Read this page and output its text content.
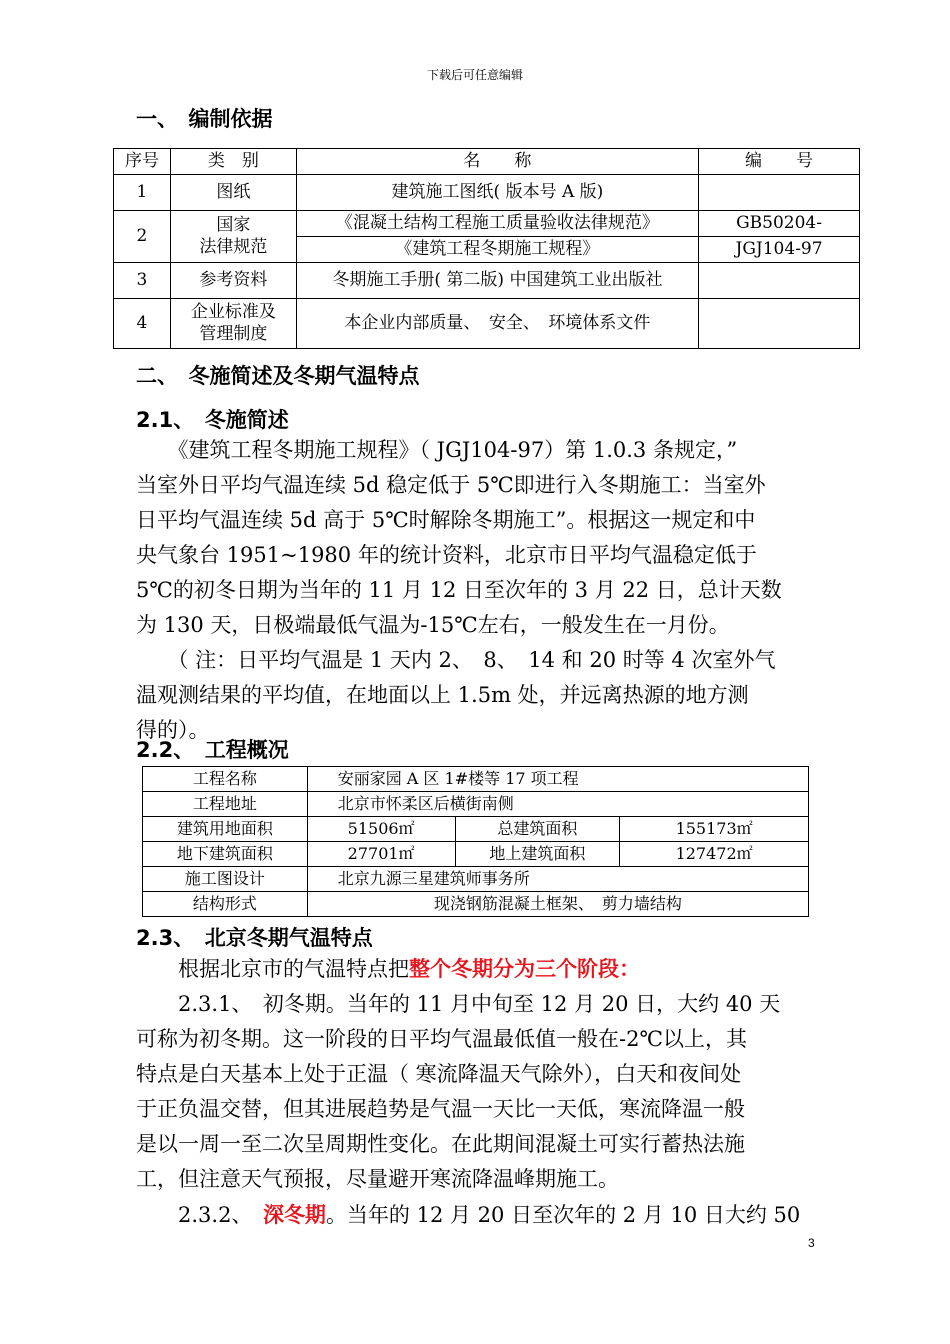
下载后可任意编辑
一、　编制依据
序号	类　别	名　　称	编　　号
1	图纸	建筑施工图纸( 版本号 A 版)	
2	国家
法律规范	《混凝土结构工程施工质量验收法律规范》	GB50204-
		《建筑工程冬期施工规程》	JGJ104-97
3	参考资料	冬期施工手册( 第二版) 中国建筑工业出版社	
4	企业标准及
管理制度	本企业内部质量、　安全、　环境体系文件	
二、　冬施简述及冬期气温特点
2.1、　冬施简述
　　《建筑工程冬期施工规程》（ JGJ104-97）第 1.0.3 条规定，”
当室外日平均气温连续 5d 稳定低于 5℃即进行入冬期施工：当室外
日平均气温连续 5d 高于 5℃时解除冬期施工”。根据这一规定和中
央气象台 1951~1980 年的统计资料，北京市日平均气温稳定低于
5℃的初冬日期为当年的 11 月 12 日至次年的 3 月 22 日，总计天数
为 130 天，日极端最低气温为-15℃左右，一般发生在一月份。
　　（ 注：日平均气温是 1 天内 2、　8、　14 和 20 时等 4 次室外气
温观测结果的平均值，在地面以上 1.5m 处，并远离热源的地方测
得的）。
2.2、　工程概况
工程名称	安丽家园 A 区 1#楼等 17 项工程		
工程地址	北京市怀柔区后横街南侧		
建筑用地面积	51506㎡	总建筑面积	155173㎡
地下建筑面积	27701㎡	地上建筑面积	127472㎡
施工图设计	北京九源三星建筑师事务所		
结构形式	现浇钢筋混凝土框架、　剪力墙结构		
2.3、　北京冬期气温特点
　　根据北京市的气温特点把整个冬期分为三个阶段：
　　2.3.1、　初冬期。当年的 11 月中旬至 12 月 20 日，大约 40 天
可称为初冬期。这一阶段的日平均气温最低值一般在-2℃以上，其
特点是白天基本上处于正温（ 寒流降温天气除外），白天和夜间处
于正负温交替，但其进展趋势是气温一天比一天低，寒流降温一般
是以一周一至二次呈周期性变化。在此期间混凝土可实行蓄热法施
工，但注意天气预报，尽量避开寒流降温峰期施工。
　　2.3.2、　深冬期。当年的 12 月 20 日至次年的 2 月 10 日大约 50
3
